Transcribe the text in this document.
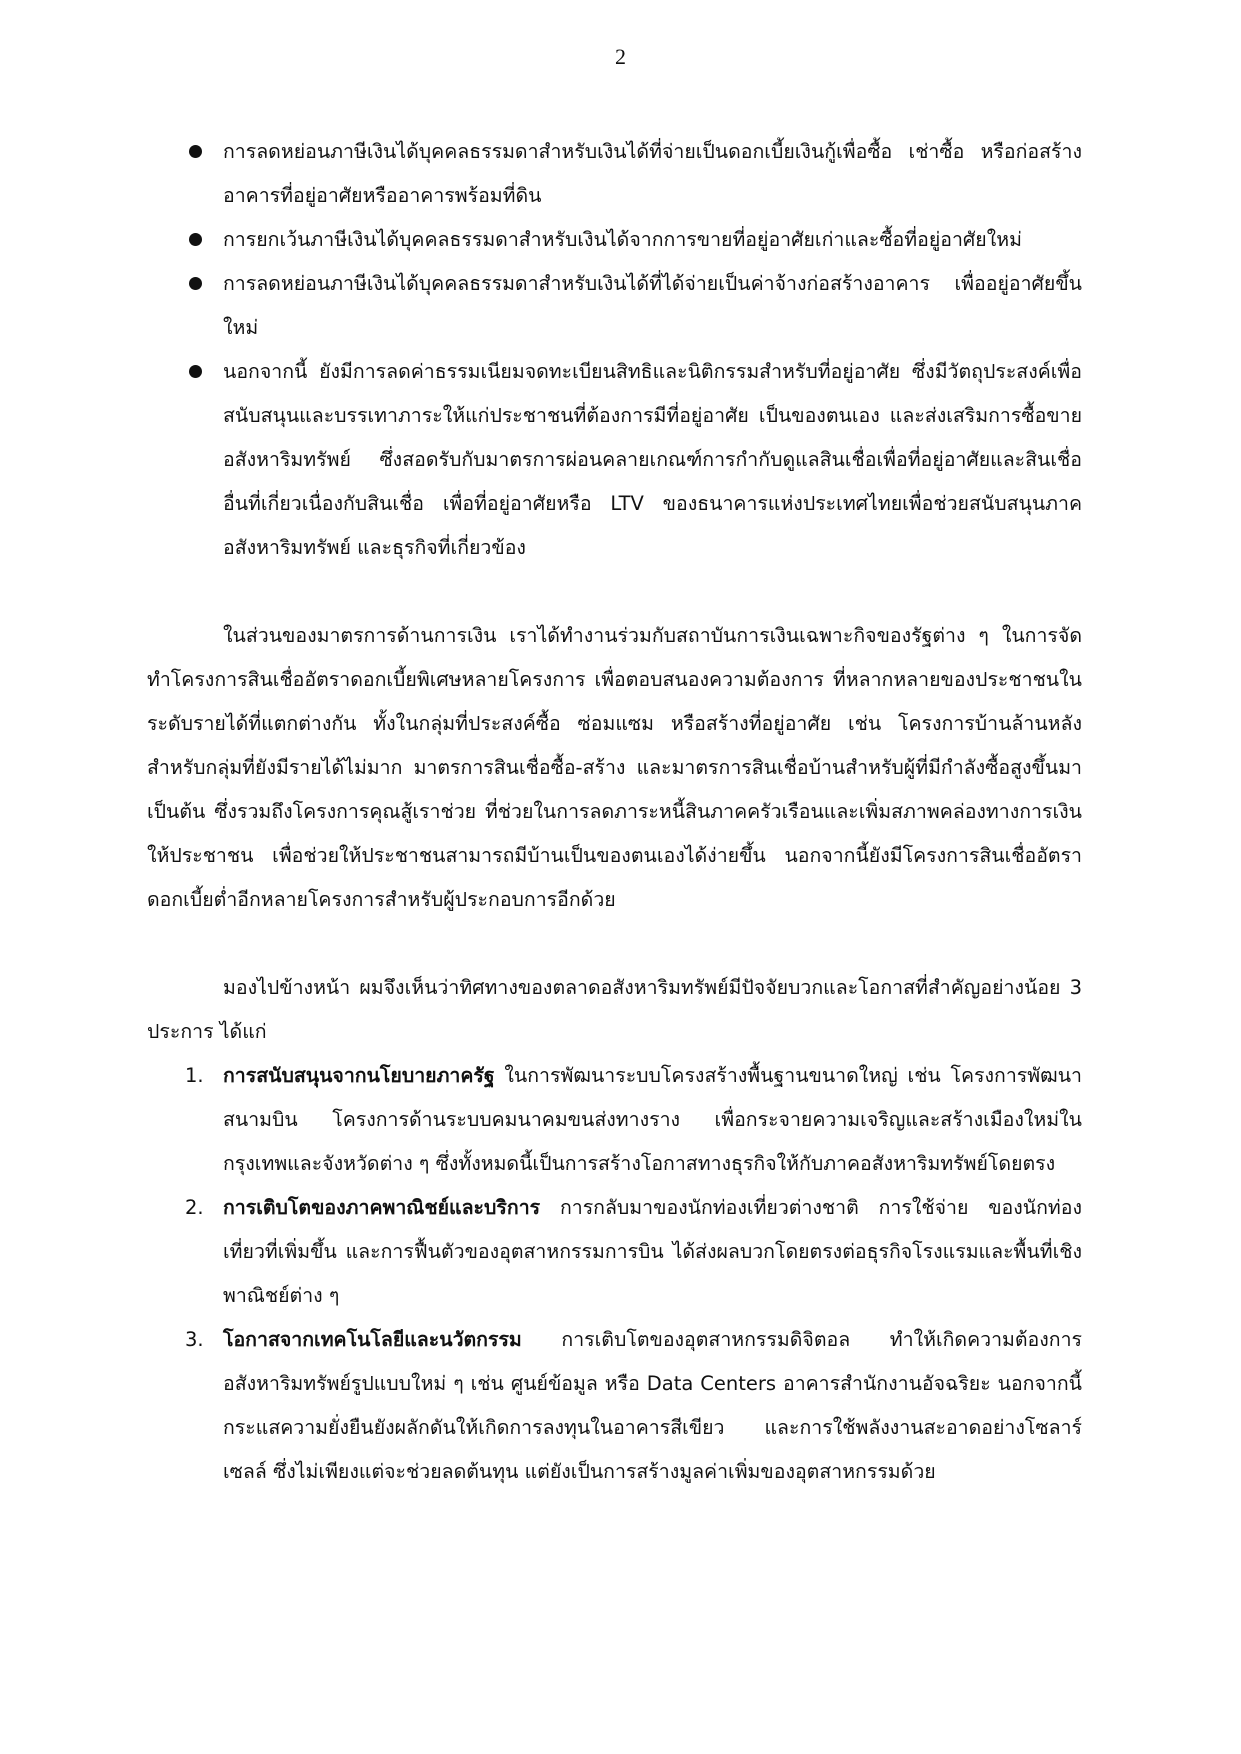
2
การลดหย่อนภาษีเงินได้บุคคลธรรมดาสำหรับเงินได้ที่จ่ายเป็นดอกเบี้ยเงินกู้เพื่อซื้อ เช่าซื้อ หรือก่อสร้างอาคารที่อยู่อาศัยหรืออาคารพร้อมที่ดิน
การยกเว้นภาษีเงินได้บุคคลธรรมดาสำหรับเงินได้จากการขายที่อยู่อาศัยเก่าและซื้อที่อยู่อาศัยใหม่
การลดหย่อนภาษีเงินได้บุคคลธรรมดาสำหรับเงินได้ที่ได้จ่ายเป็นค่าจ้างก่อสร้างอาคาร เพื่ออยู่อาศัยขึ้นใหม่
นอกจากนี้ ยังมีการลดค่าธรรมเนียมจดทะเบียนสิทธิและนิติกรรมสำหรับที่อยู่อาศัย ซึ่งมีวัตถุประสงค์เพื่อสนับสนุนและบรรเทาภาระให้แก่ประชาชนที่ต้องการมีที่อยู่อาศัย เป็นของตนเอง และส่งเสริมการซื้อขายอสังหาริมทรัพย์ ซึ่งสอดรับกับมาตรการผ่อนคลายเกณฑ์การกำกับดูแลสินเชื่อเพื่อที่อยู่อาศัยและสินเชื่ออื่นที่เกี่ยวเนื่องกับสินเชื่อ เพื่อที่อยู่อาศัยหรือ LTV ของธนาคารแห่งประเทศไทยเพื่อช่วยสนับสนุนภาคอสังหาริมทรัพย์ และธุรกิจที่เกี่ยวข้อง

ในส่วนของมาตรการด้านการเงิน เราได้ทำงานร่วมกับสถาบันการเงินเฉพาะกิจของรัฐต่าง ๆ ในการจัดทำโครงการสินเชื่ออัตราดอกเบี้ยพิเศษหลายโครงการ เพื่อตอบสนองความต้องการ ที่หลากหลายของประชาชนในระดับรายได้ที่แตกต่างกัน ทั้งในกลุ่มที่ประสงค์ซื้อ ซ่อมแซม หรือสร้างที่อยู่อาศัย เช่น โครงการบ้านล้านหลังสำหรับกลุ่มที่ยังมีรายได้ไม่มาก มาตรการสินเชื่อซื้อ-สร้าง และมาตรการสินเชื่อบ้านสำหรับผู้ที่มีกำลังซื้อสูงขึ้นมา เป็นต้น ซึ่งรวมถึงโครงการคุณสู้เราช่วย ที่ช่วยในการลดภาระหนี้สินภาคครัวเรือนและเพิ่มสภาพคล่องทางการเงินให้ประชาชน เพื่อช่วยให้ประชาชนสามารถมีบ้านเป็นของตนเองได้ง่ายขึ้น นอกจากนี้ยังมีโครงการสินเชื่ออัตราดอกเบี้ยต่ำอีกหลายโครงการสำหรับผู้ประกอบการอีกด้วย

มองไปข้างหน้า ผมจึงเห็นว่าทิศทางของตลาดอสังหาริมทรัพย์มีปัจจัยบวกและโอกาสที่สำคัญอย่างน้อย 3 ประการ ได้แก่

1. การสนับสนุนจากนโยบายภาครัฐ ในการพัฒนาระบบโครงสร้างพื้นฐานขนาดใหญ่ เช่น โครงการพัฒนาสนามบิน โครงการด้านระบบคมนาคมขนส่งทางราง เพื่อกระจายความเจริญและสร้างเมืองใหม่ในกรุงเทพและจังหวัดต่าง ๆ ซึ่งทั้งหมดนี้เป็นการสร้างโอกาสทางธุรกิจให้กับภาคอสังหาริมทรัพย์โดยตรง
2. การเติบโตของภาคพาณิชย์และบริการ การกลับมาของนักท่องเที่ยวต่างชาติ การใช้จ่าย ของนักท่องเที่ยวที่เพิ่มขึ้น และการฟื้นตัวของอุตสาหกรรมการบิน ได้ส่งผลบวกโดยตรงต่อธุรกิจโรงแรมและพื้นที่เชิงพาณิชย์ต่าง ๆ
3. โอกาสจากเทคโนโลยีและนวัตกรรม การเติบโตของอุตสาหกรรมดิจิตอล ทำให้เกิดความต้องการอสังหาริมทรัพย์รูปแบบใหม่ ๆ เช่น ศูนย์ข้อมูล หรือ Data Centers อาคารสำนักงานอัจฉริยะ นอกจากนี้ กระแสความยั่งยืนยังผลักดันให้เกิดการลงทุนในอาคารสีเขียว และการใช้พลังงานสะอาดอย่างโซลาร์เซลล์ ซึ่งไม่เพียงแต่จะช่วยลดต้นทุน แต่ยังเป็นการสร้างมูลค่าเพิ่มของอุตสาหกรรมด้วย
